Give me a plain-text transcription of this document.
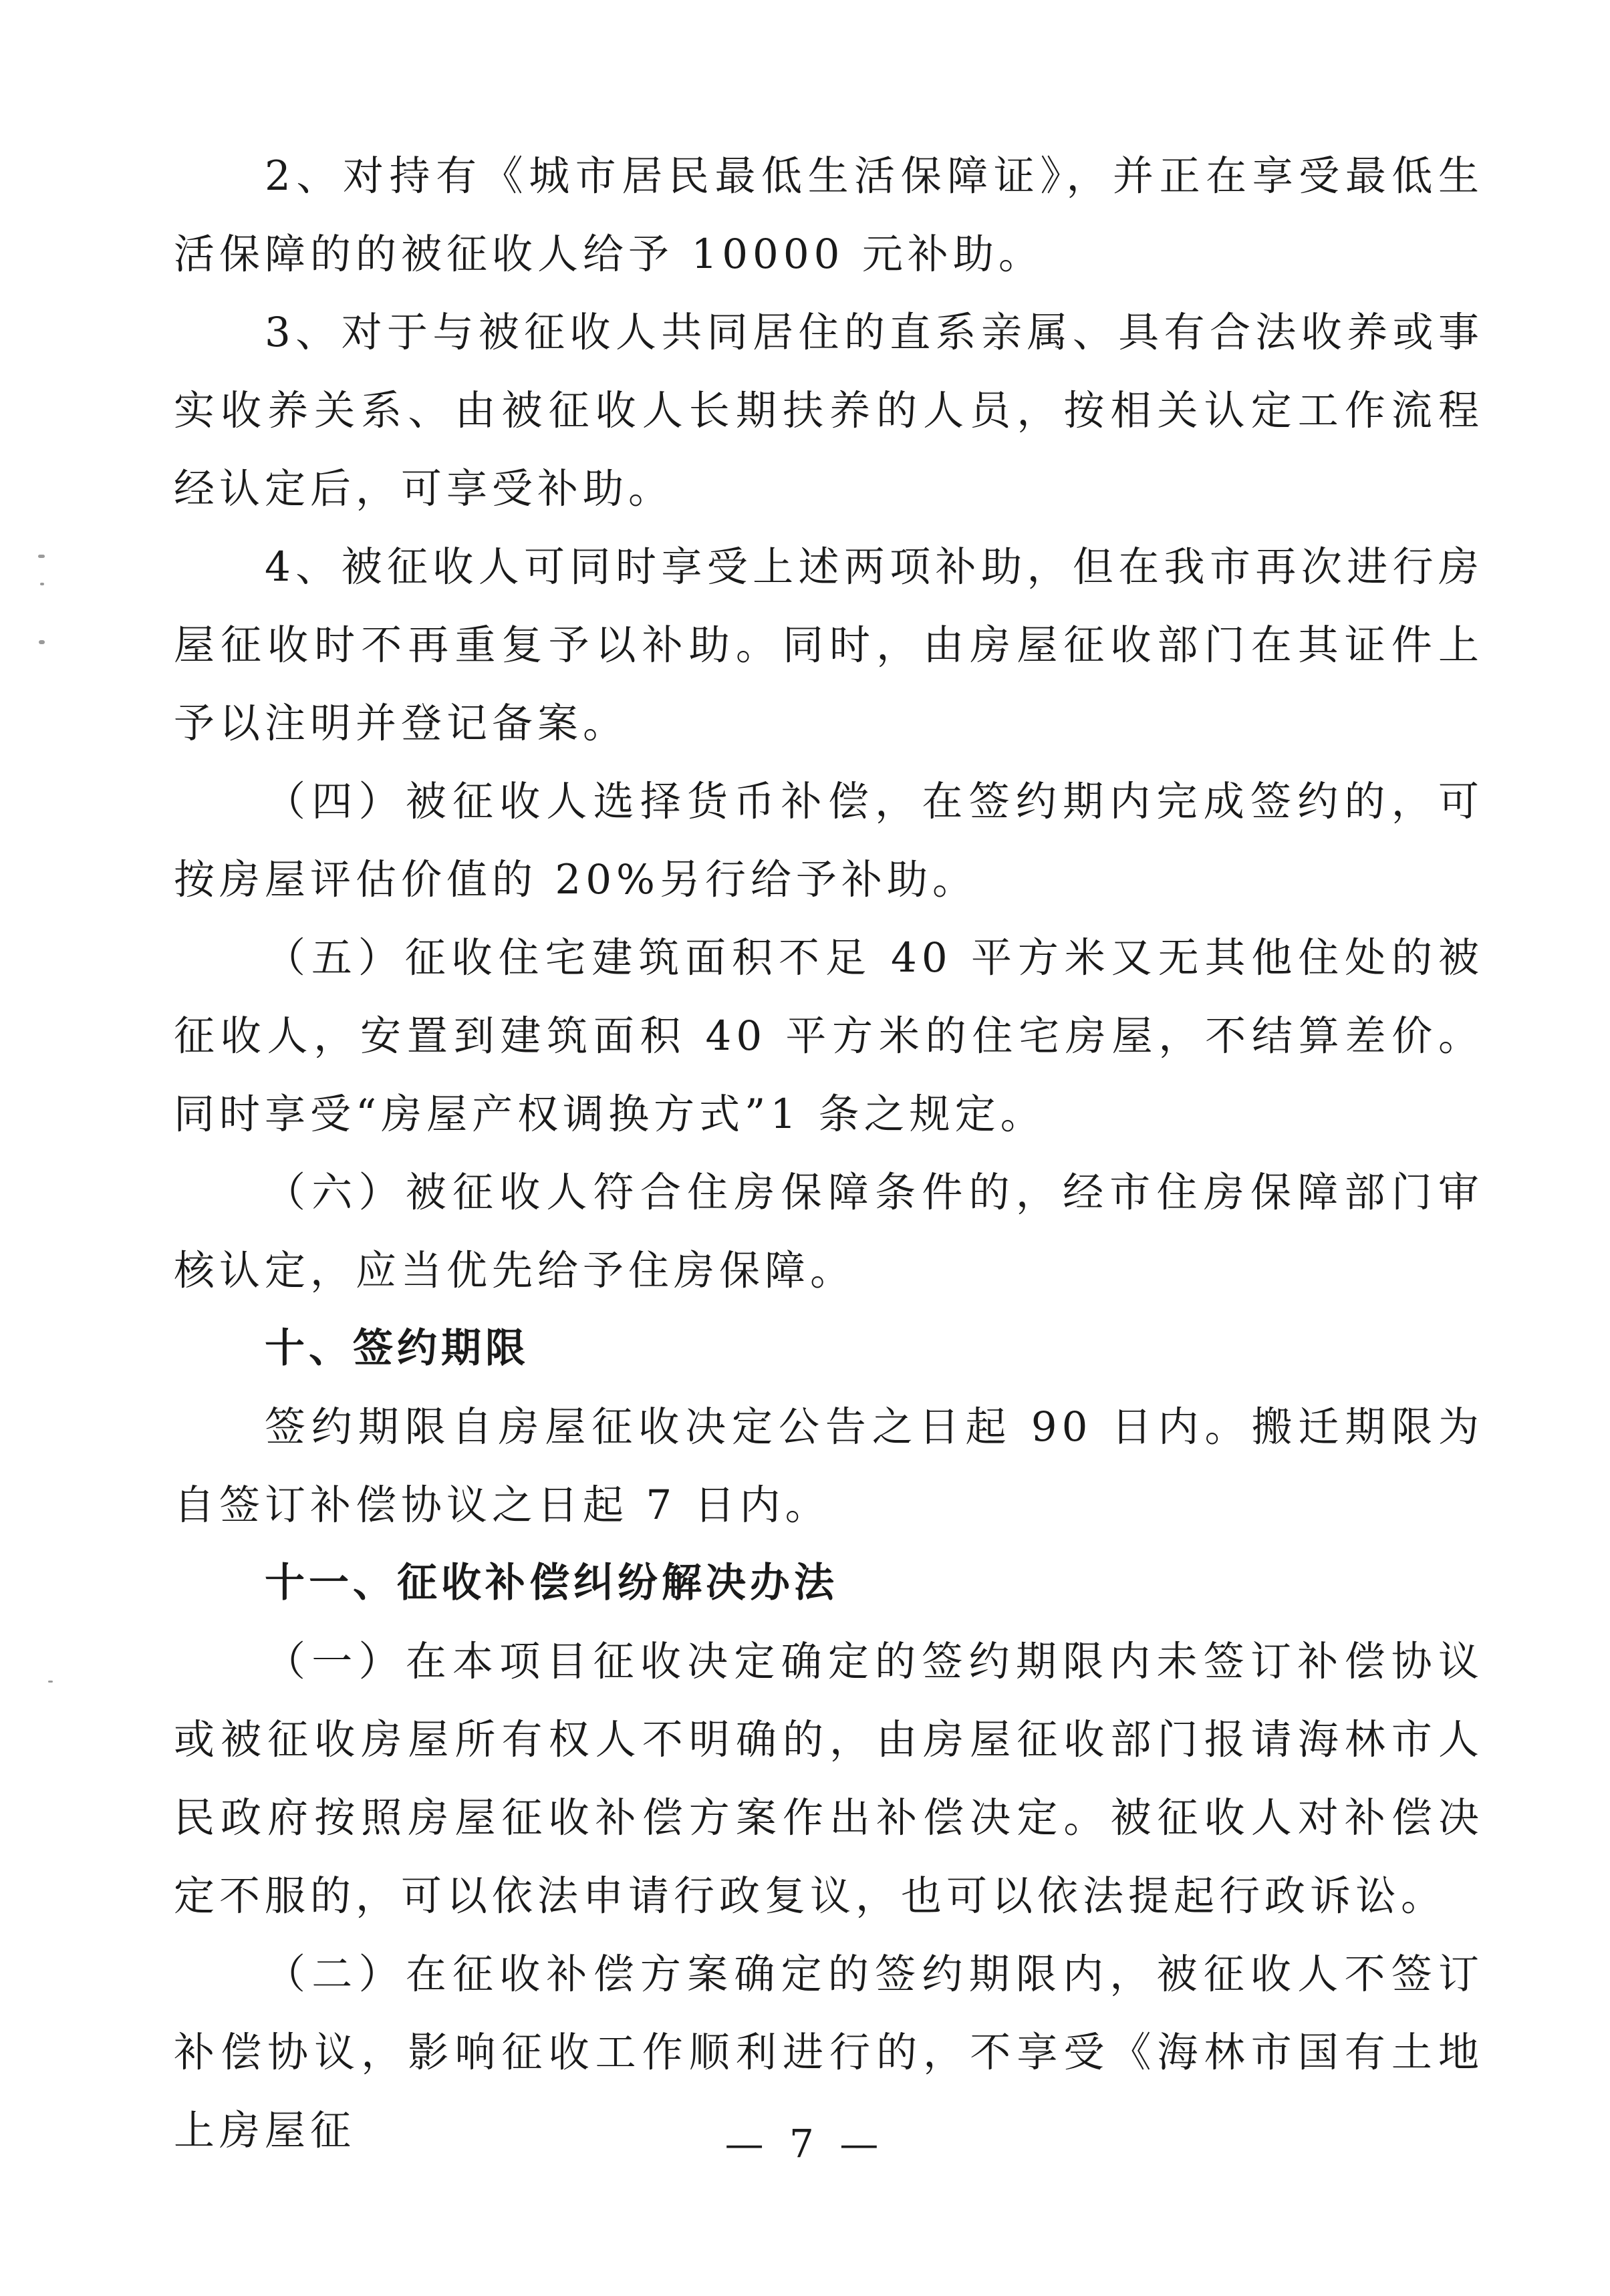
2、对持有《城市居民最低生活保障证》，并正在享受最低生活保障的的被征收人给予 10000 元补助。

3、对于与被征收人共同居住的直系亲属、具有合法收养或事实收养关系、由被征收人长期扶养的人员，按相关认定工作流程经认定后，可享受补助。

4、被征收人可同时享受上述两项补助，但在我市再次进行房屋征收时不再重复予以补助。同时，由房屋征收部门在其证件上予以注明并登记备案。

（四）被征收人选择货币补偿，在签约期内完成签约的，可按房屋评估价值的 20%另行给予补助。

（五）征收住宅建筑面积不足 40 平方米又无其他住处的被征收人，安置到建筑面积 40 平方米的住宅房屋，不结算差价。同时享受“房屋产权调换方式”1 条之规定。

（六）被征收人符合住房保障条件的，经市住房保障部门审核认定，应当优先给予住房保障。

十、签约期限

签约期限自房屋征收决定公告之日起 90 日内。搬迁期限为自签订补偿协议之日起 7 日内。

十一、征收补偿纠纷解决办法

（一）在本项目征收决定确定的签约期限内未签订补偿协议或被征收房屋所有权人不明确的，由房屋征收部门报请海林市人民政府按照房屋征收补偿方案作出补偿决定。被征收人对补偿决定不服的，可以依法申请行政复议，也可以依法提起行政诉讼。

（二）在征收补偿方案确定的签约期限内，被征收人不签订补偿协议，影响征收工作顺利进行的，不享受《海林市国有土地上房屋征	— 7 —
